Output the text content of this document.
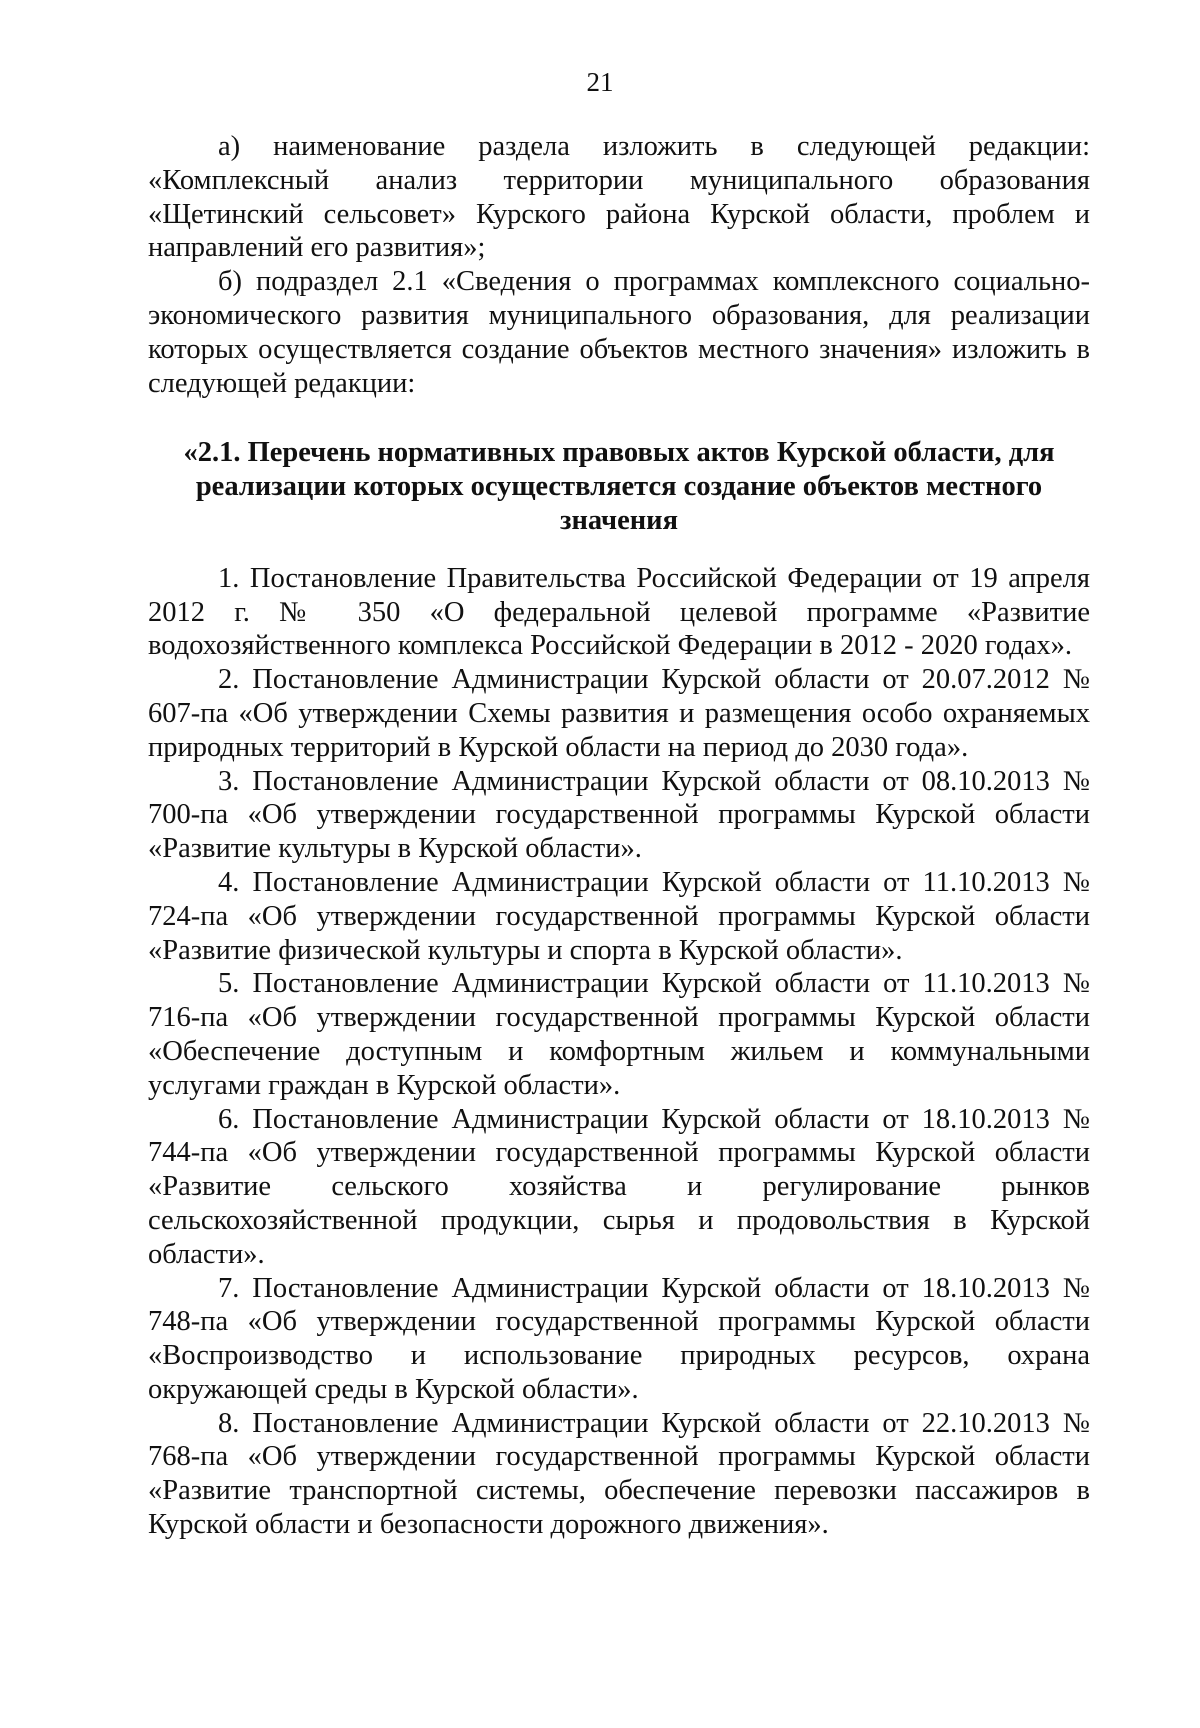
21

а) наименование раздела изложить в следующей редакции: «Комплексный анализ территории муниципального образования «Щетинский сельсовет» Курского района Курской области, проблем и направлений его развития»;

б) подраздел 2.1 «Сведения о программах комплексного социально-экономического развития муниципального образования, для реализации которых осуществляется создание объектов местного значения» изложить в следующей редакции:

«2.1. Перечень нормативных правовых актов Курской области, для реализации которых осуществляется создание объектов местного значения
1. Постановление Правительства Российской Федерации от 19 апреля 2012 г. № 350 «О федеральной целевой программе «Развитие водохозяйственного комплекса Российской Федерации в 2012 - 2020 годах».
2. Постановление Администрации Курской области от 20.07.2012 № 607-па «Об утверждении Схемы развития и размещения особо охраняемых природных территорий в Курской области на период до 2030 года».
3. Постановление Администрации Курской области от 08.10.2013 № 700-па «Об утверждении государственной программы Курской области «Развитие культуры в Курской области».
4. Постановление Администрации Курской области от 11.10.2013 № 724-па «Об утверждении государственной программы Курской области «Развитие физической культуры и спорта в Курской области».
5. Постановление Администрации Курской области от 11.10.2013 № 716-па «Об утверждении государственной программы Курской области «Обеспечение доступным и комфортным жильем и коммунальными услугами граждан в Курской области».
6. Постановление Администрации Курской области от 18.10.2013 № 744-па «Об утверждении государственной программы Курской области «Развитие сельского хозяйства и регулирование рынков сельскохозяйственной продукции, сырья и продовольствия в Курской области».
7. Постановление Администрации Курской области от 18.10.2013 № 748-па «Об утверждении государственной программы Курской области «Воспроизводство и использование природных ресурсов, охрана окружающей среды в Курской области».
8. Постановление Администрации Курской области от 22.10.2013 № 768-па «Об утверждении государственной программы Курской области «Развитие транспортной системы, обеспечение перевозки пассажиров в Курской области и безопасности дорожного движения».
